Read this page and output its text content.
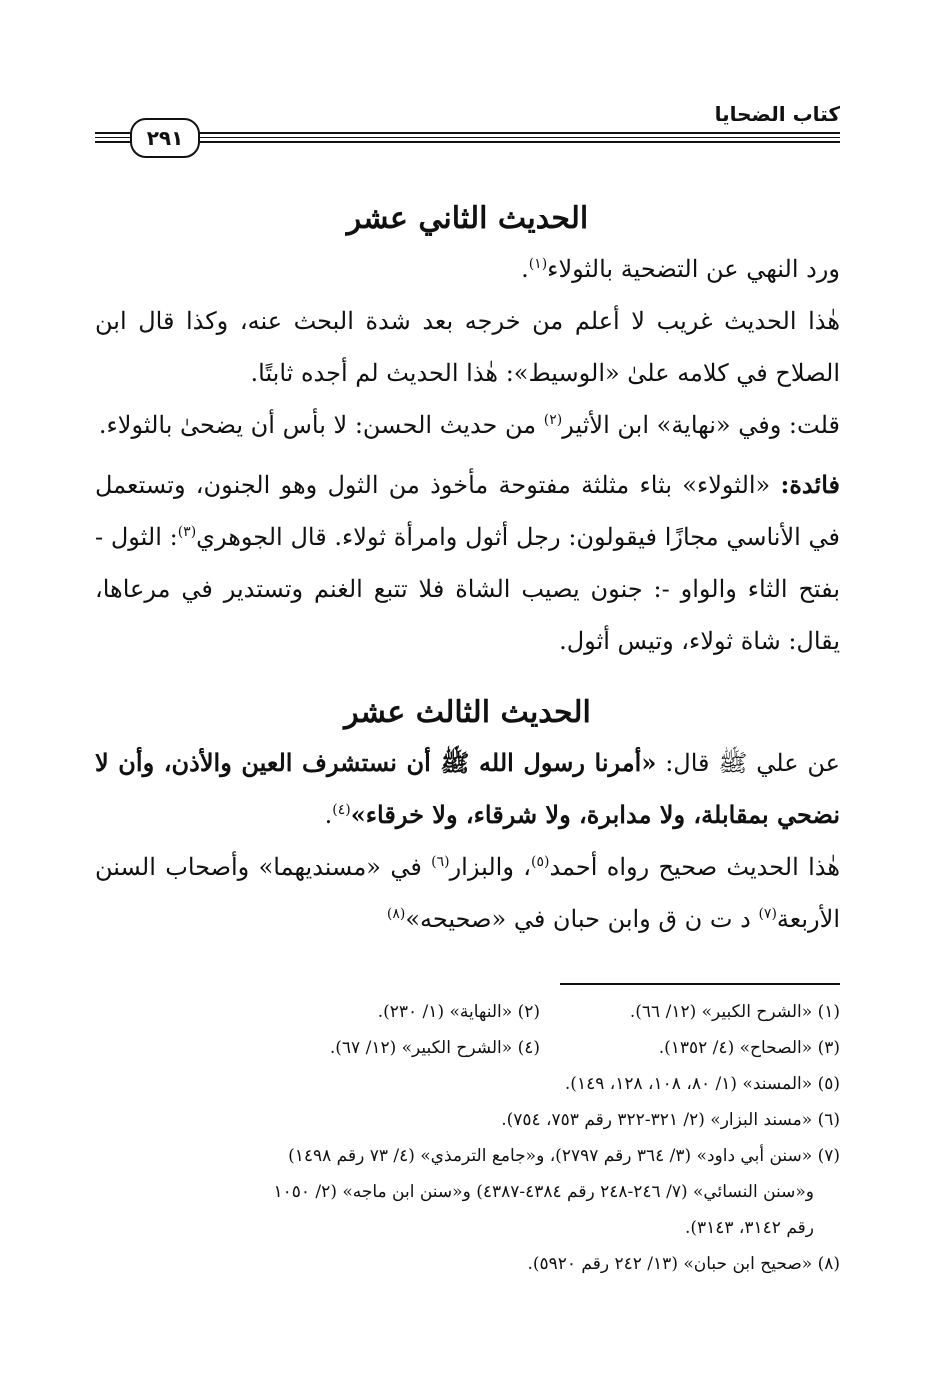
كتاب الضحايا
٢٩١
الحديث الثاني عشر

ورد النهي عن التضحية بالثولاء$^{(١)}$.

هٰذا الحديث غريب لا أعلم من خرجه بعد شدة البحث عنه، وكذا قال ابن الصلاح في كلامه علىٰ «الوسيط»: هٰذا الحديث لم أجده ثابتًا.

قلت: وفي «نهاية» ابن الأثير$^{(٢)}$ من حديث الحسن: لا بأس أن يضحىٰ بالثولاء.

فائدة: «الثولاء» بثاء مثلثة مفتوحة مأخوذ من الثول وهو الجنون، وتستعمل في الأناسي مجازًا فيقولون: رجل أثول وامرأة ثولاء. قال الجوهري$^{(٣)}$: الثول - بفتح الثاء والواو -: جنون يصيب الشاة فلا تتبع الغنم وتستدير في مرعاها، يقال: شاة ثولاء، وتيس أثول.

الحديث الثالث عشر

عن علي ﷺ قال: «أمرنا رسول الله ﷺ أن نستشرف العين والأذن، وأن لا نضحي بمقابلة، ولا مدابرة، ولا شرقاء، ولا خرقاء»$^{(٤)}$.

هٰذا الحديث صحيح رواه أحمد$^{(٥)}$، والبزار$^{(٦)}$ في «مسنديهما» وأصحاب السنن الأربعة$^{(٧)}$ د ت ن ق وابن حبان في «صحيحه»$^{(٨)}$

(١) «الشرح الكبير» (١٢/ ٦٦).
(٢) «النهاية» (١/ ٢٣٠).
(٣) «الصحاح» (٤/ ١٣٥٢).
(٤) «الشرح الكبير» (١٢/ ٦٧).

(٥) «المسند» (١/ ٨٠، ١٠٨، ١٢٨، ١٤٩).

(٦) «مسند البزار» (٢/ ٣٢١-٣٢٢ رقم ٧٥٣، ٧٥٤).

(٧) «سنن أبي داود» (٣/ ٣٦٤ رقم ٢٧٩٧)، و«جامع الترمذي» (٤/ ٧٣ رقم ١٤٩٨)

و«سنن النسائي» (٧/ ٢٤٦-٢٤٨ رقم ٤٣٨٤-٤٣٨٧) و«سنن ابن ماجه» (٢/ ١٠٥٠

رقم ٣١٤٢، ٣١٤٣).

(٨) «صحيح ابن حبان» (١٣/ ٢٤٢ رقم ٥٩٢٠).
